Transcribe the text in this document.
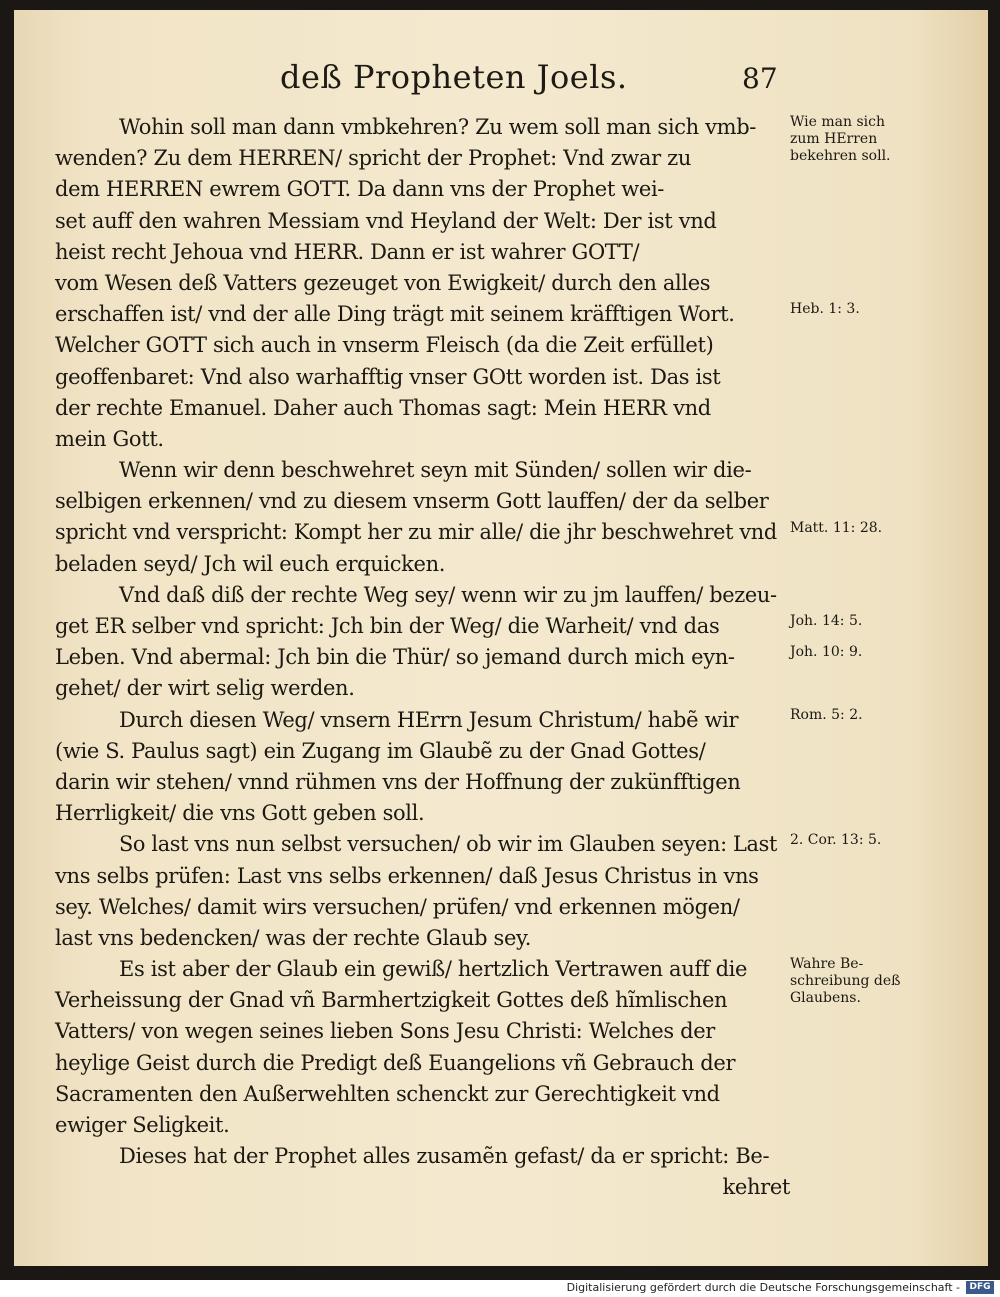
deß Propheten Joels.	87
Wohin soll man dann vmbkehren? Zu wem soll man sich vmb-
wenden? Zu dem HERREN/ spricht der Prophet: Vnd zwar zu
dem HERREN ewrem GOTT. Da dann vns der Prophet wei-
set auff den wahren Messiam vnd Heyland der Welt: Der ist vnd
heist recht Jehoua vnd HERR. Dann er ist wahrer GOTT/
vom Wesen deß Vatters gezeuget von Ewigkeit/ durch den alles
erschaffen ist/ vnd der alle Ding trägt mit seinem kräfftigen Wort.
Welcher GOTT sich auch in vnserm Fleisch (da die Zeit erfüllet)
geoffenbaret: Vnd also warhafftig vnser GOtt worden ist. Das ist
der rechte Emanuel. Daher auch Thomas sagt: Mein HERR vnd
mein Gott.
Wenn wir denn beschwehret seyn mit Sünden/ sollen wir die-
selbigen erkennen/ vnd zu diesem vnserm Gott lauffen/ der da selber
spricht vnd verspricht: Kompt her zu mir alle/ die jhr beschwehret vnd
beladen seyd/ Jch wil euch erquicken.
Vnd daß diß der rechte Weg sey/ wenn wir zu jm lauffen/ bezeu-
get ER selber vnd spricht: Jch bin der Weg/ die Warheit/ vnd das
Leben. Vnd abermal: Jch bin die Thür/ so jemand durch mich eyn-
gehet/ der wirt selig werden.
Durch diesen Weg/ vnsern HErrn Jesum Christum/ habẽ wir
(wie S. Paulus sagt) ein Zugang im Glaubẽ zu der Gnad Gottes/
darin wir stehen/ vnnd rühmen vns der Hoffnung der zukünfftigen
Herrligkeit/ die vns Gott geben soll.
So last vns nun selbst versuchen/ ob wir im Glauben seyen: Last
vns selbs prüfen: Last vns selbs erkennen/ daß Jesus Christus in vns
sey. Welches/ damit wirs versuchen/ prüfen/ vnd erkennen mögen/
last vns bedencken/ was der rechte Glaub sey.
Es ist aber der Glaub ein gewiß/ hertzlich Vertrawen auff die
Verheissung der Gnad vñ Barmhertzigkeit Gottes deß hĩmlischen
Vatters/ von wegen seines lieben Sons Jesu Christi: Welches der
heylige Geist durch die Predigt deß Euangelions vñ Gebrauch der
Sacramenten den Außerwehlten schenckt zur Gerechtigkeit vnd
ewiger Seligkeit.
Dieses hat der Prophet alles zusamẽn gefast/ da er spricht: Be-
kehret
Wie man sich
zum HErren
bekehren soll.
Heb. 1: 3.
Matt. 11: 28.
Joh. 14: 5.
Joh. 10: 9.
Rom. 5: 2.
2. Cor. 13: 5.
Wahre Be-
schreibung deß
Glaubens.
Digitalisierung gefördert durch die Deutsche Forschungsgemeinschaft -	DFG
